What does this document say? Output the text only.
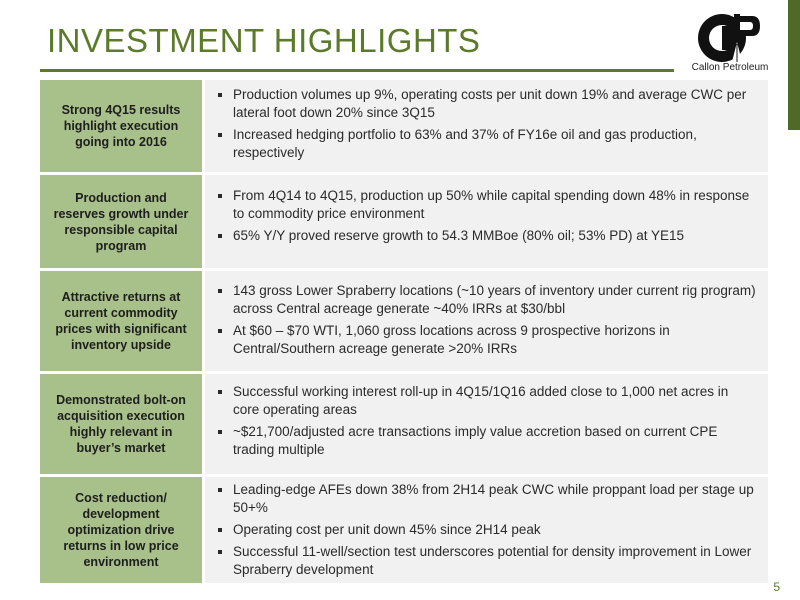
INVESTMENT HIGHLIGHTS
Callon Petroleum
Strong 4Q15 results highlight execution going into 2016
Production volumes up 9%, operating costs per unit down 19% and average CWC per lateral foot down 20% since 3Q15
Increased hedging portfolio to 63% and 37% of FY16e oil and gas production, respectively
Production and reserves growth under responsible capital program
From 4Q14 to 4Q15, production up 50% while capital spending down 48% in response to commodity price environment
65% Y/Y proved reserve growth to 54.3 MMBoe (80% oil; 53% PD) at YE15
Attractive returns at current commodity prices with significant inventory upside
143 gross Lower Spraberry locations (~10 years of inventory under current rig program) across Central acreage generate ~40% IRRs at $30/bbl
At $60 – $70 WTI, 1,060 gross locations across 9 prospective horizons in Central/Southern acreage generate >20% IRRs
Demonstrated bolt-on acquisition execution highly relevant in buyer’s market
Successful working interest roll-up in 4Q15/1Q16 added close to 1,000 net acres in core operating areas
~$21,700/adjusted acre transactions imply value accretion based on current CPE trading multiple
Cost reduction/ development optimization drive returns in low price environment
Leading-edge AFEs down 38% from 2H14 peak CWC while proppant load per stage up 50+%
Operating cost per unit down 45% since 2H14 peak
Successful 11-well/section test underscores potential for density improvement in Lower Spraberry development
5
